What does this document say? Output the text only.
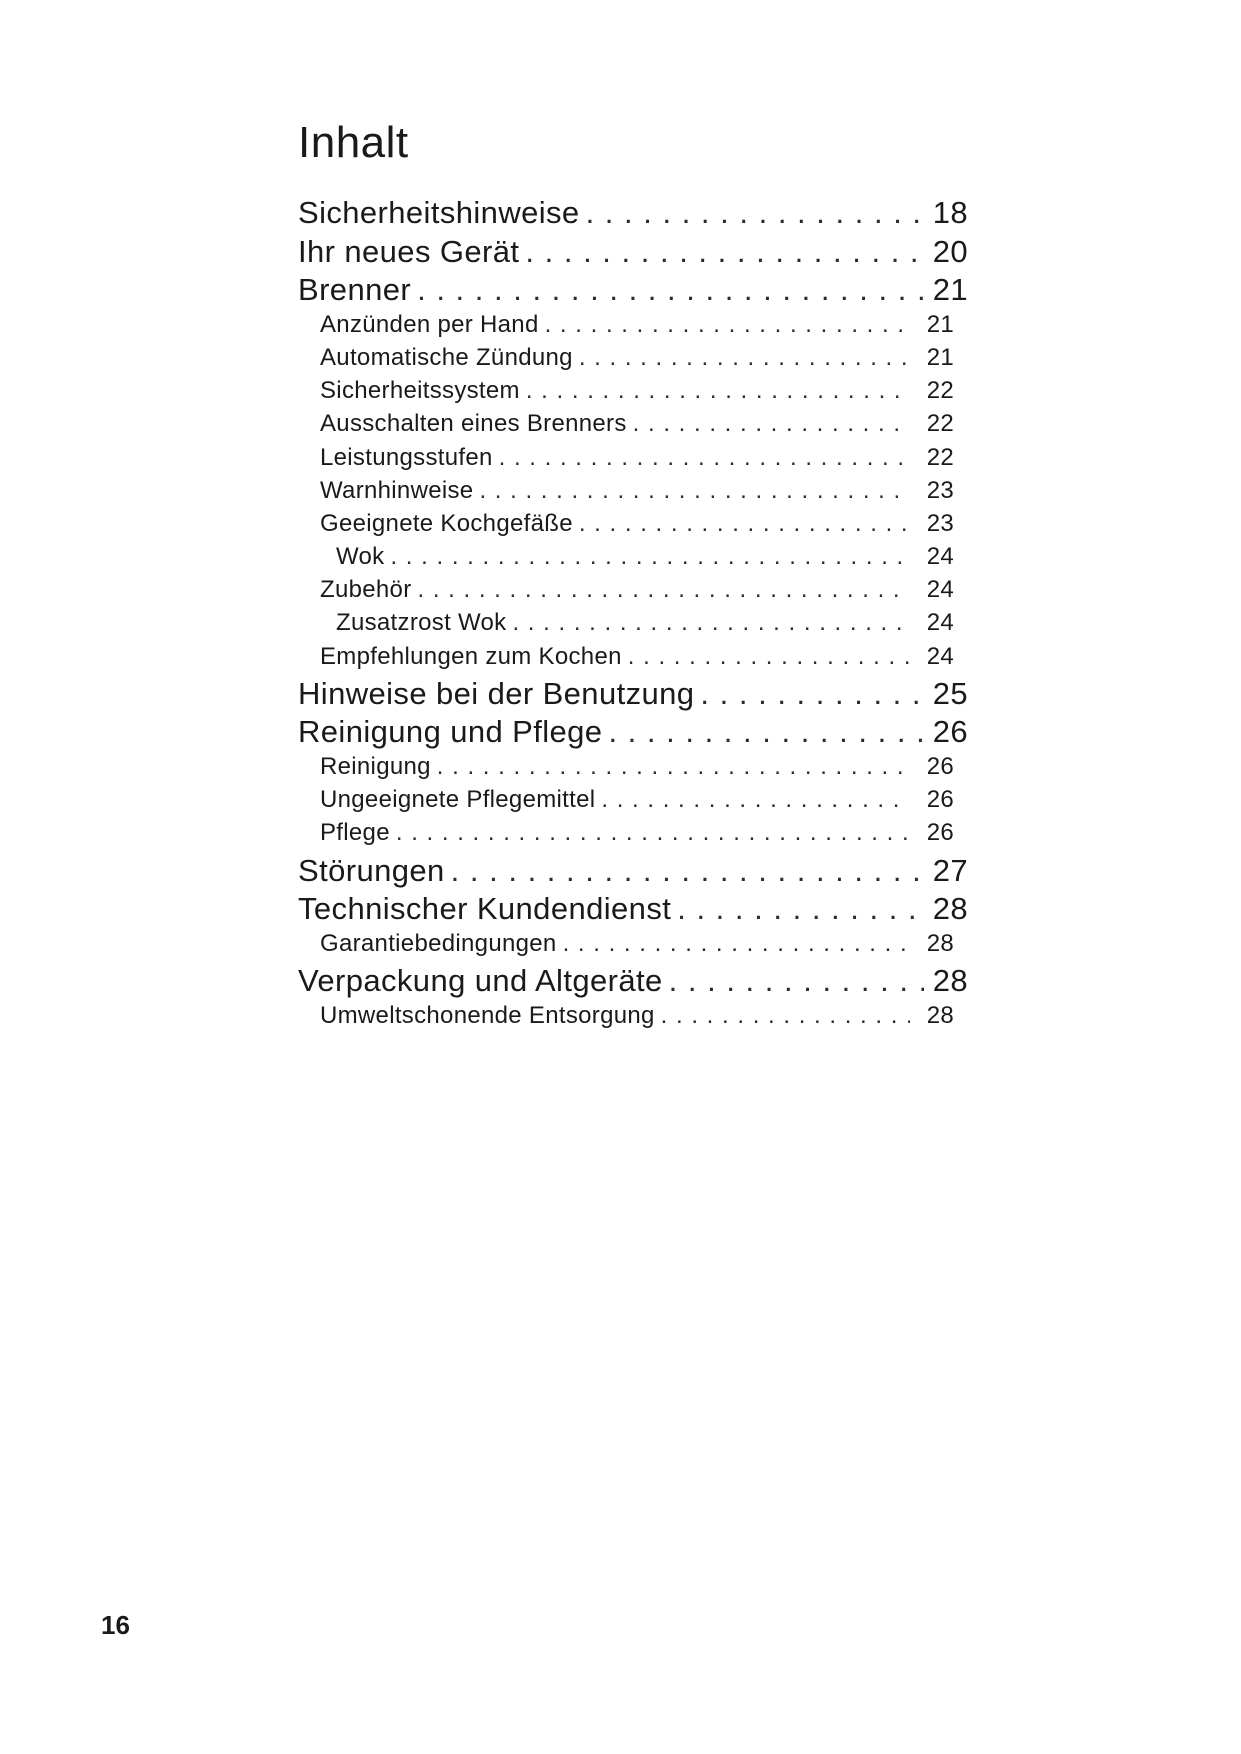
Inhalt
Sicherheitshinweise . . .	18
Ihr neues Gerät . . .	20
Brenner . . .	21
Anzünden per Hand . . .	21
Automatische Zündung . . .	21
Sicherheitssystem . . .	22
Ausschalten eines Brenners . . .	22
Leistungsstufen . . .	22
Warnhinweise . . .	23
Geeignete Kochgefäße . . .	23
Wok . . .	24
Zubehör . . .	24
Zusatzrost Wok . . .	24
Empfehlungen zum Kochen . . .	24
Hinweise bei der Benutzung . . .	25
Reinigung und Pflege . . .	26
Reinigung . . .	26
Ungeeignete Pflegemittel . . .	26
Pflege . . .	26
Störungen . . .	27
Technischer Kundendienst . . .	28
Garantiebedingungen . . .	28
Verpackung und Altgeräte . . .	28
Umweltschonende Entsorgung . . .	28
16
